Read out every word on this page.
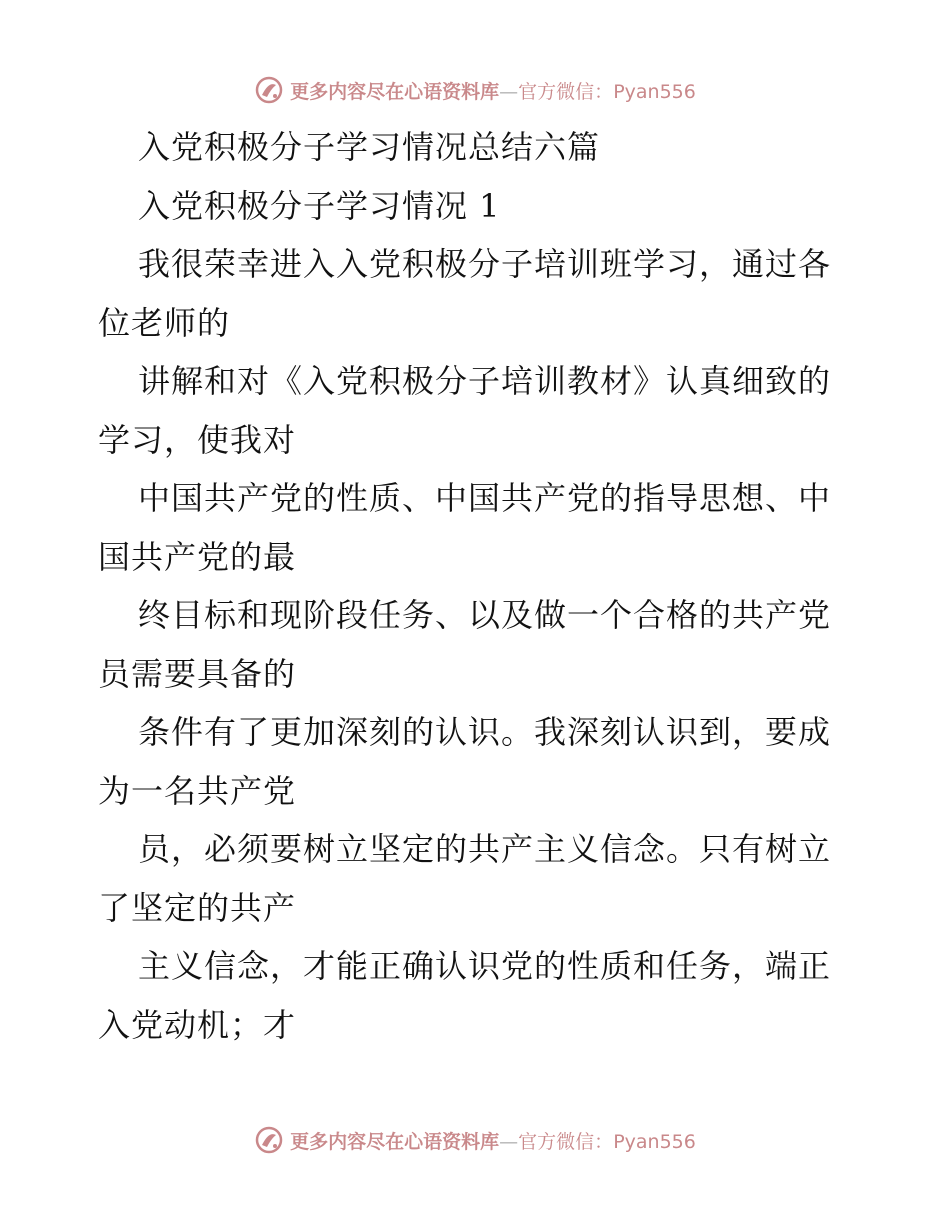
更多内容尽在心语资料库—官方微信：Pyan556
入党积极分子学习情况总结六篇
入党积极分子学习情况 1
我很荣幸进入入党积极分子培训班学习，通过各
位老师的
讲解和对《入党积极分子培训教材》认真细致的
学习，使我对
中国共产党的性质、中国共产党的指导思想、中
国共产党的最
终目标和现阶段任务、以及做一个合格的共产党
员需要具备的
条件有了更加深刻的认识。我深刻认识到，要成
为一名共产党
员，必须要树立坚定的共产主义信念。只有树立
了坚定的共产
主义信念，才能正确认识党的性质和任务，端正
入党动机；才
更多内容尽在心语资料库—官方微信：Pyan556
